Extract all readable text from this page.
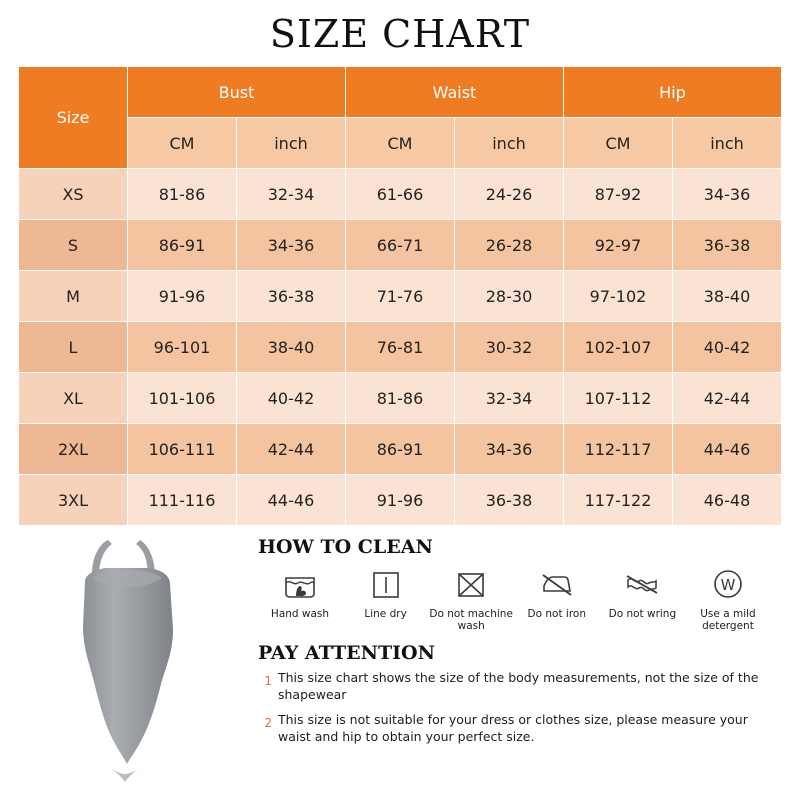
SIZE CHART
Size	Bust		Waist		Hip	
	CM	inch	CM	inch	CM	inch
XS	81-86	32-34	61-66	24-26	87-92	34-36
S	86-91	34-36	66-71	26-28	92-97	36-38
M	91-96	36-38	71-76	28-30	97-102	38-40
L	96-101	38-40	76-81	30-32	102-107	40-42
XL	101-106	40-42	81-86	32-34	107-112	42-44
2XL	106-111	42-44	86-91	34-36	112-117	44-46
3XL	111-116	44-46	91-96	36-38	117-122	46-48
HOW TO CLEAN
Hand wash	Line dry	Do not machine wash
Do not iron	Do not wring
W
Use a mild detergent
PAY ATTENTION
1 This size chart shows the size of the body measurements, not the size of the shapewear
2 This size is not suitable for your dress or clothes size, please measure your waist and hip to obtain your perfect size.
